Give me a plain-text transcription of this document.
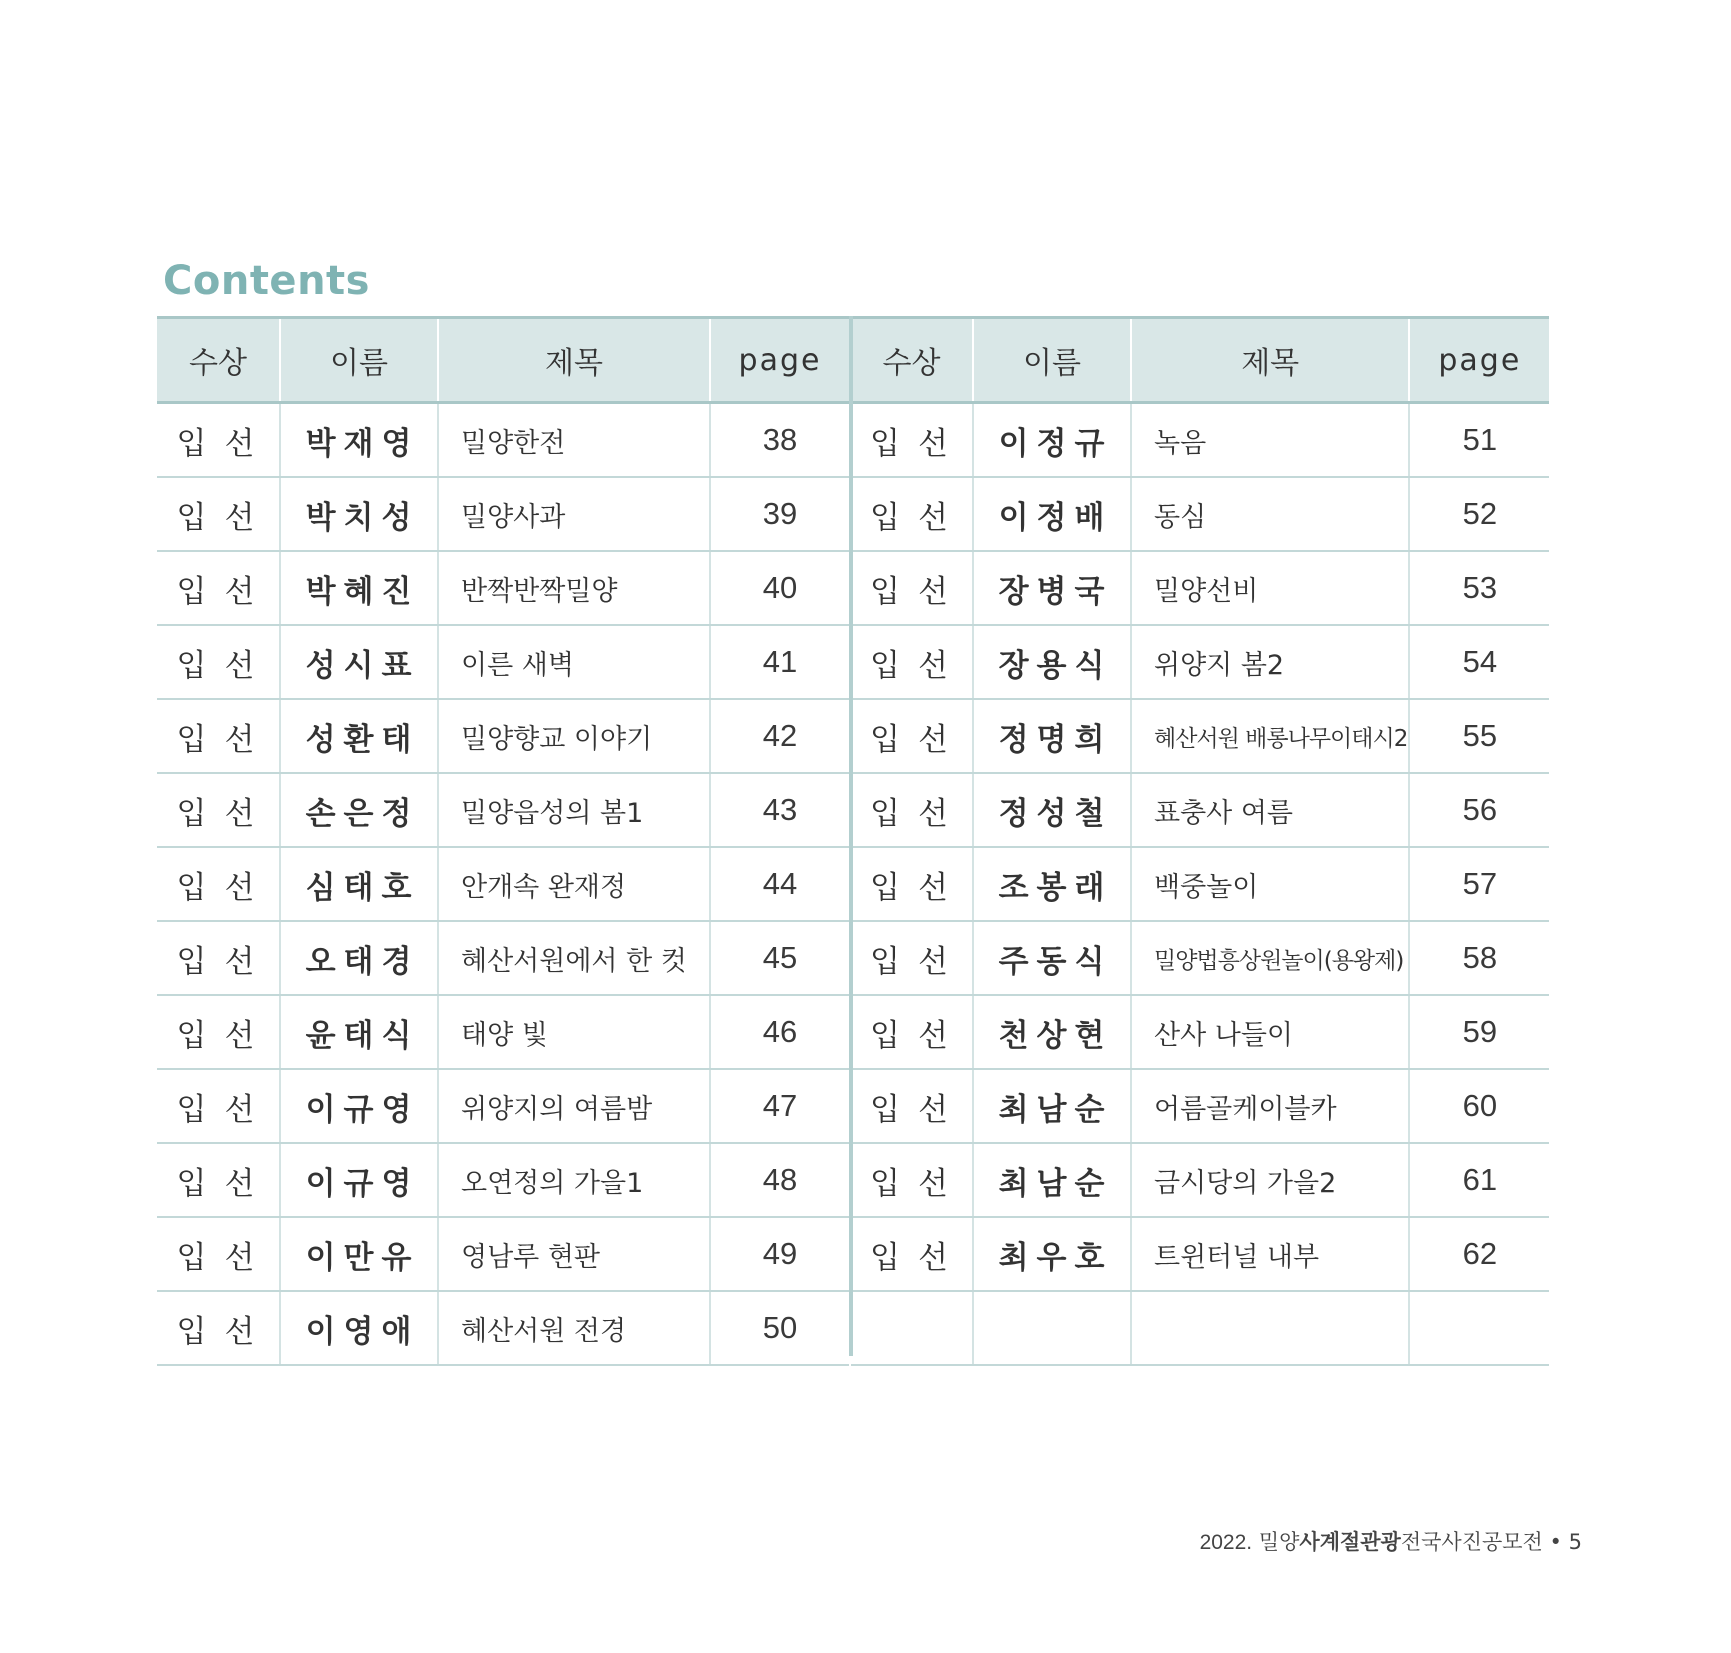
Contents
수상	이름	제목	page
입선	박재영	밀양한전	38
입선	박치성	밀양사과	39
입선	박혜진	반짝반짝밀양	40
입선	성시표	이른 새벽	41
입선	성환태	밀양향교 이야기	42
입선	손은정	밀양읍성의 봄1	43
입선	심태호	안개속 완재정	44
입선	오태경	혜산서원에서 한 컷	45
입선	윤태식	태양 빛	46
입선	이규영	위양지의 여름밤	47
입선	이규영	오연정의 가을1	48
입선	이만유	영남루 현판	49
입선	이영애	혜산서원 전경	50
수상	이름	제목	page
입선	이정규	녹음	51
입선	이정배	동심	52
입선	장병국	밀양선비	53
입선	장용식	위양지 봄2	54
입선	정명희	혜산서원 배롱나무이태시2	55
입선	정성철	표충사 여름	56
입선	조봉래	백중놀이	57
입선	주동식	밀양법흥상원놀이(용왕제)	58
입선	천상현	산사 나들이	59
입선	최남순	어름골케이블카	60
입선	최남순	금시당의 가을2	61
입선	최우호	트윈터널 내부	62

2022. 밀양사계절관광전국사진공모전 • 5
